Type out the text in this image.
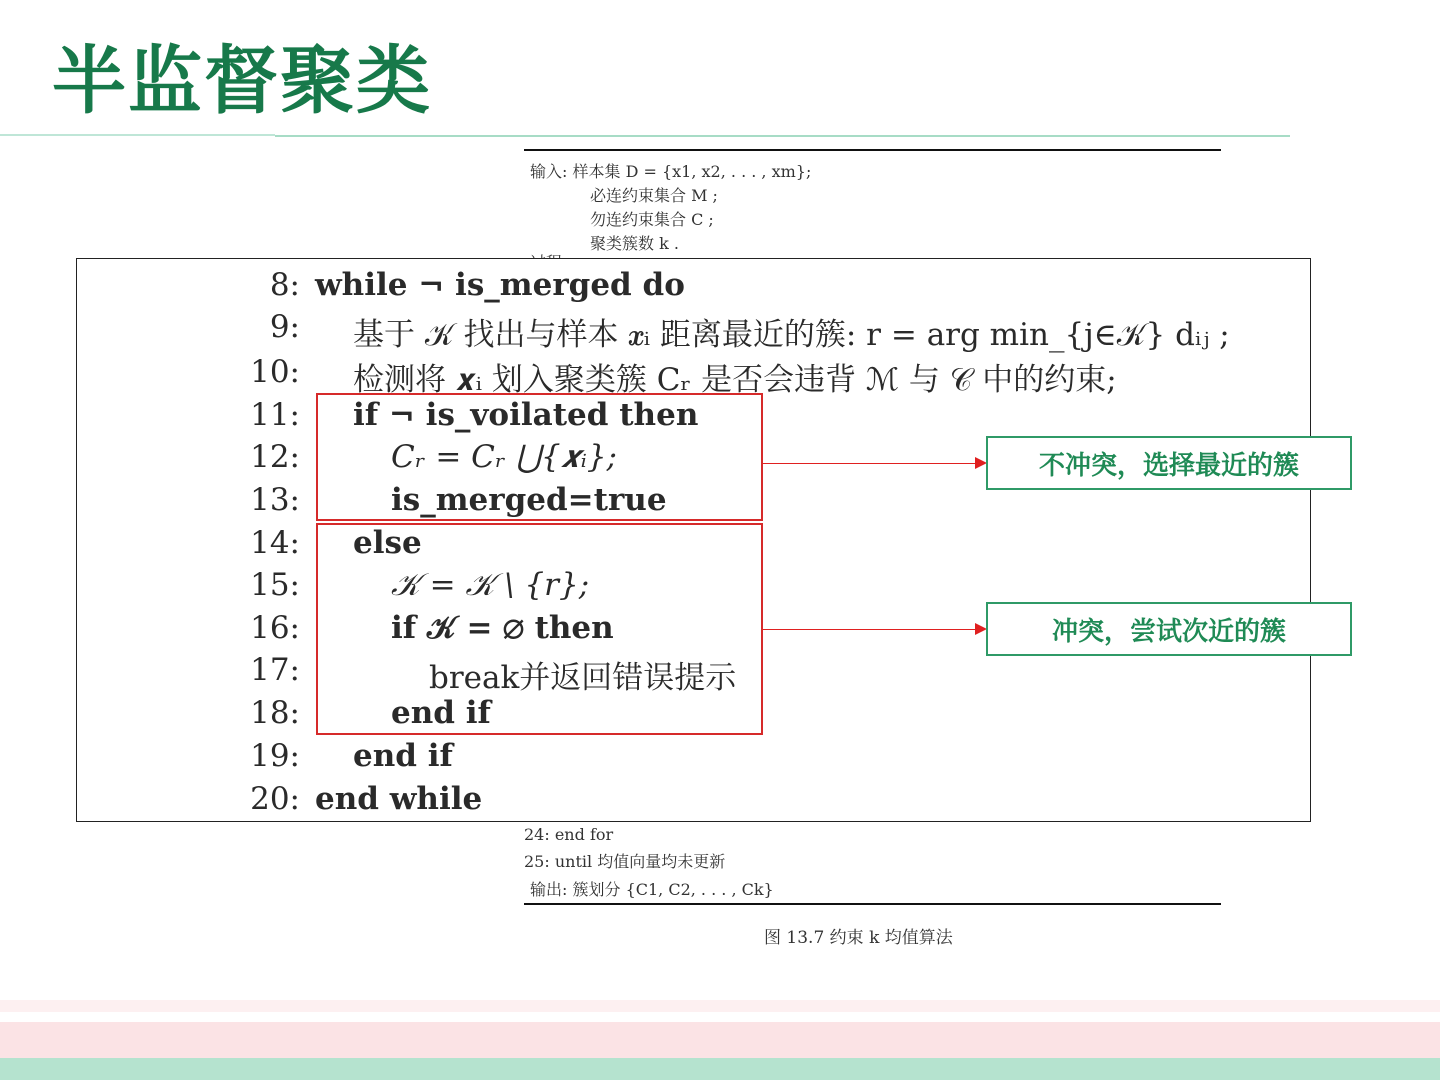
半监督聚类
输入: 样本集 D = {x1, x2, . . . , xm};
必连约束集合 M ;
勿连约束集合 C ;
聚类簇数 k .
24: end for
25: until 均值向量均未更新
输出: 簇划分 {C1, C2, . . . , Ck}
图 13.7 约束 k 均值算法
8: while ¬ is_merged do
9: 基于 𝒦 找出与样本 𝒙ᵢ 距离最近的簇: r = arg min_{j∈𝒦} dᵢⱼ ;
10: 检测将 𝒙ᵢ 划入聚类簇 Cᵣ 是否会违背 ℳ 与 𝒞 中的约束;
11: if ¬ is_voilated then
12:	Cᵣ = Cᵣ ⋃{𝒙ᵢ};
13:	is_merged=true
14: else
15:	𝒦 = 𝒦 \ {r};
16:	if 𝒦 = ∅ then
17:	break并返回错误提示
18:	end if
19: end if
20: end while
不冲突，选择最近的簇
冲突，尝试次近的簇
